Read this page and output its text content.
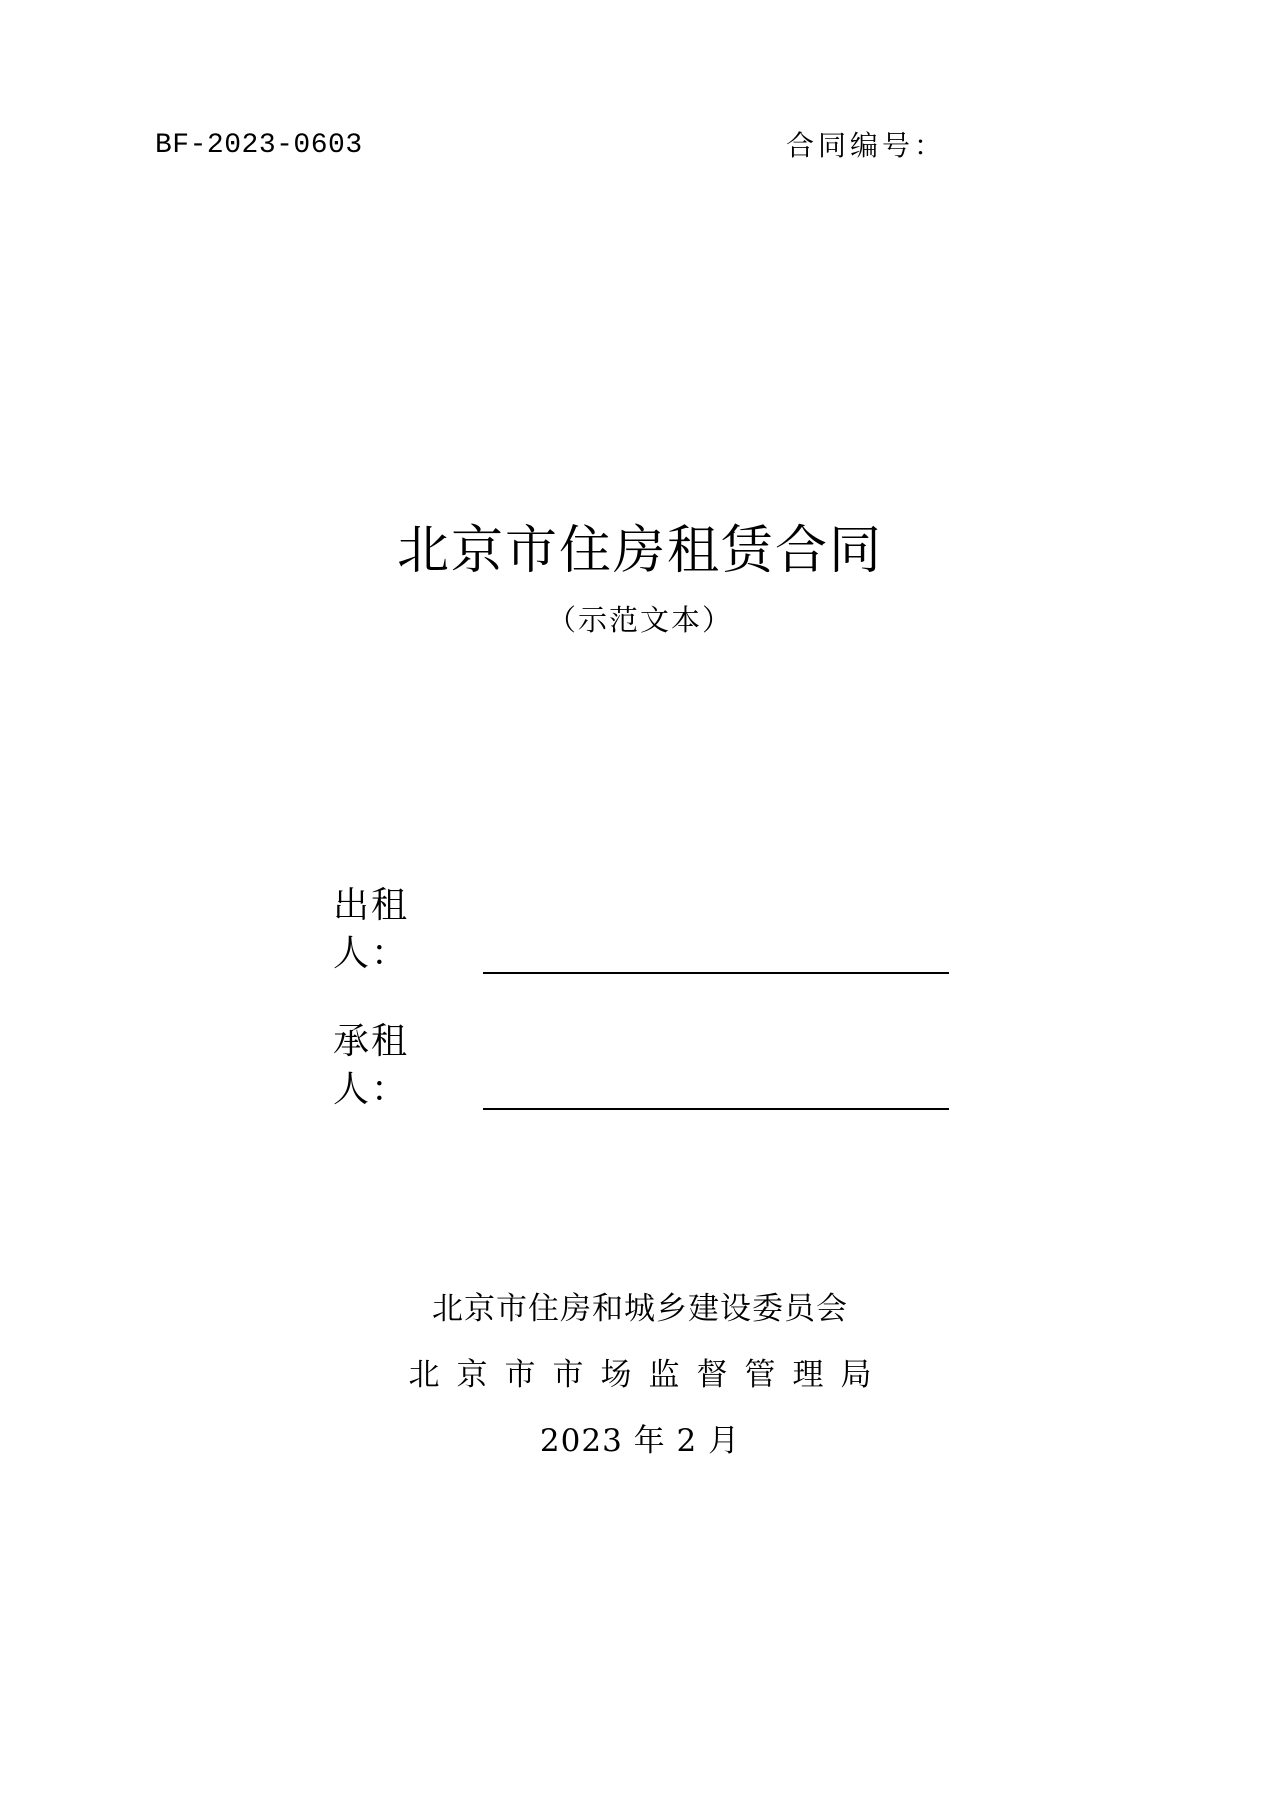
BF-2023-0603	合同编号：
北京市住房租赁合同
（示范文本）
出租人：
承租人：
北京市住房和城乡建设委员会
北京市市场监督管理局
2023 年 2 月
